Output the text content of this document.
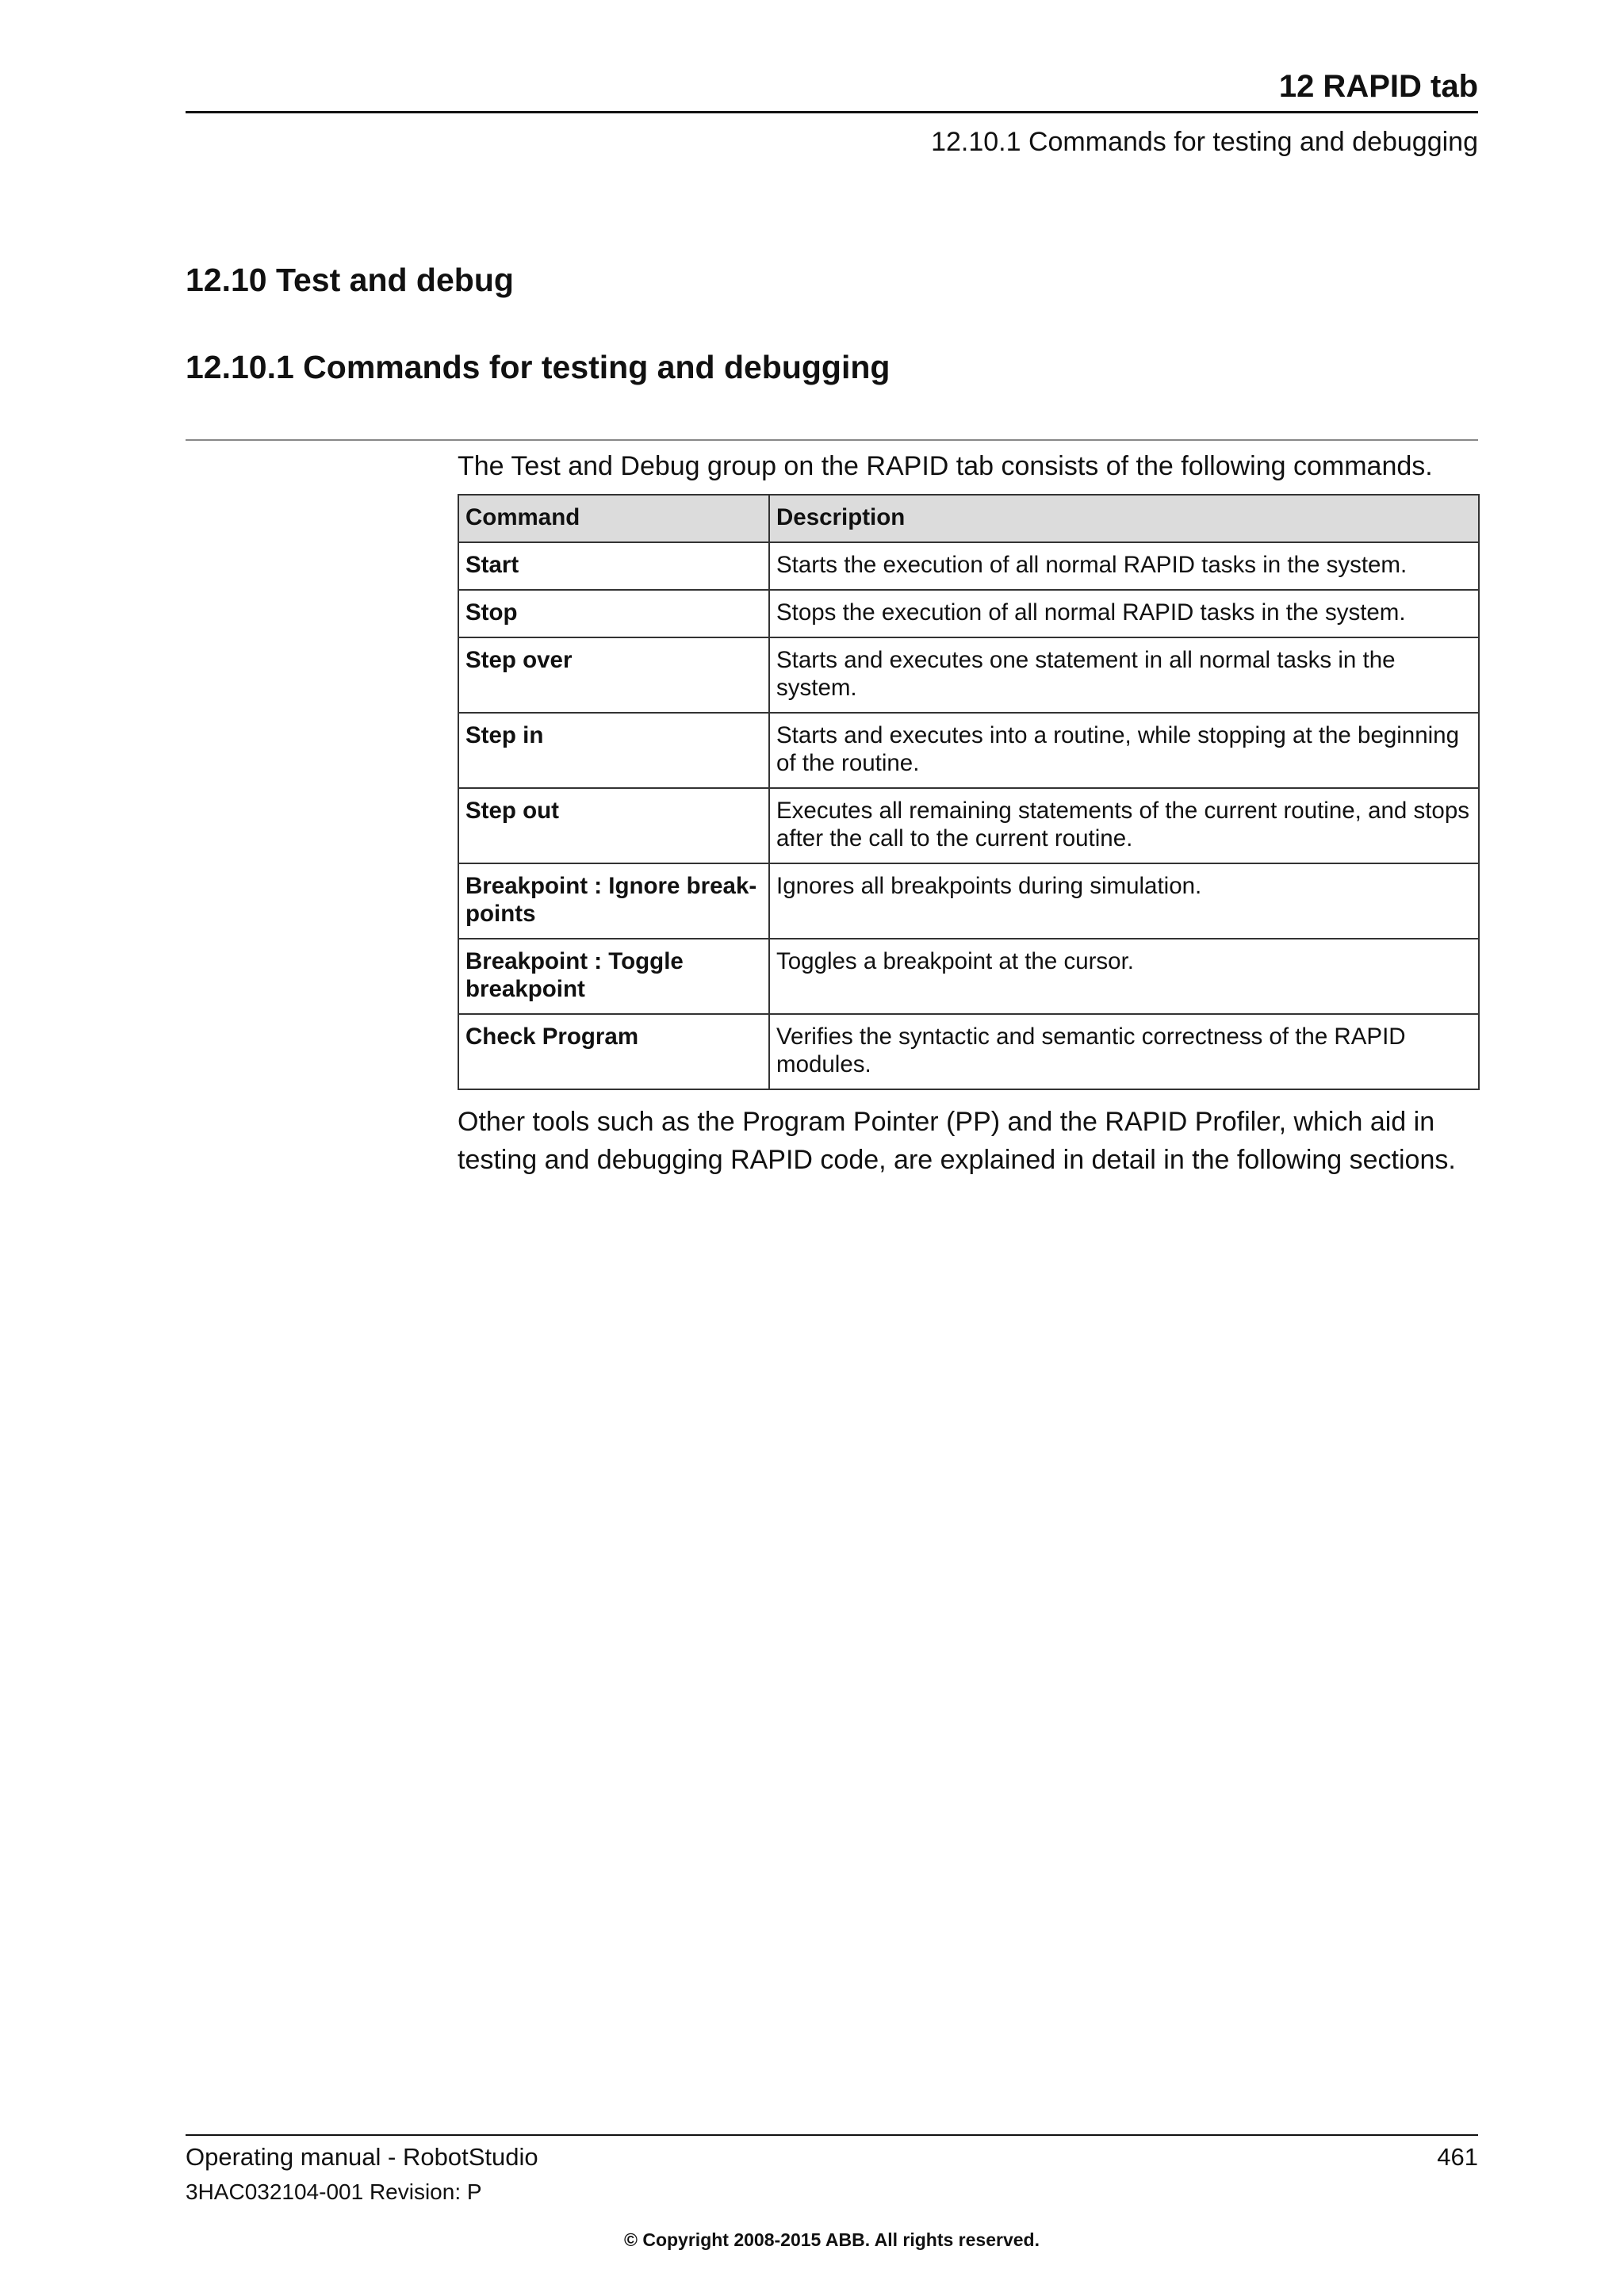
12 RAPID tab
12.10.1 Commands for testing and debugging
12.10 Test and debug
12.10.1 Commands for testing and debugging

The Test and Debug group on the RAPID tab consists of the following commands.

Command	Description
Start	Starts the execution of all normal RAPID tasks in the system.
Stop	Stops the execution of all normal RAPID tasks in the system.
Step over	Starts and executes one statement in all normal tasks in the system.
Step in	Starts and executes into a routine, while stopping at the beginning of the routine.
Step out	Executes all remaining statements of the current routine, and stops after the call to the current routine.
Breakpoint : Ignore breakpoints	Ignores all breakpoints during simulation.
Breakpoint : Toggle breakpoint	Toggles a breakpoint at the cursor.
Check Program	Verifies the syntactic and semantic correctness of the RAPID modules.

Other tools such as the Program Pointer (PP) and the RAPID Profiler, which aid in testing and debugging RAPID code, are explained in detail in the following sections.

Operating manual - RobotStudio	461
3HAC032104-001 Revision: P
© Copyright 2008-2015 ABB. All rights reserved.
